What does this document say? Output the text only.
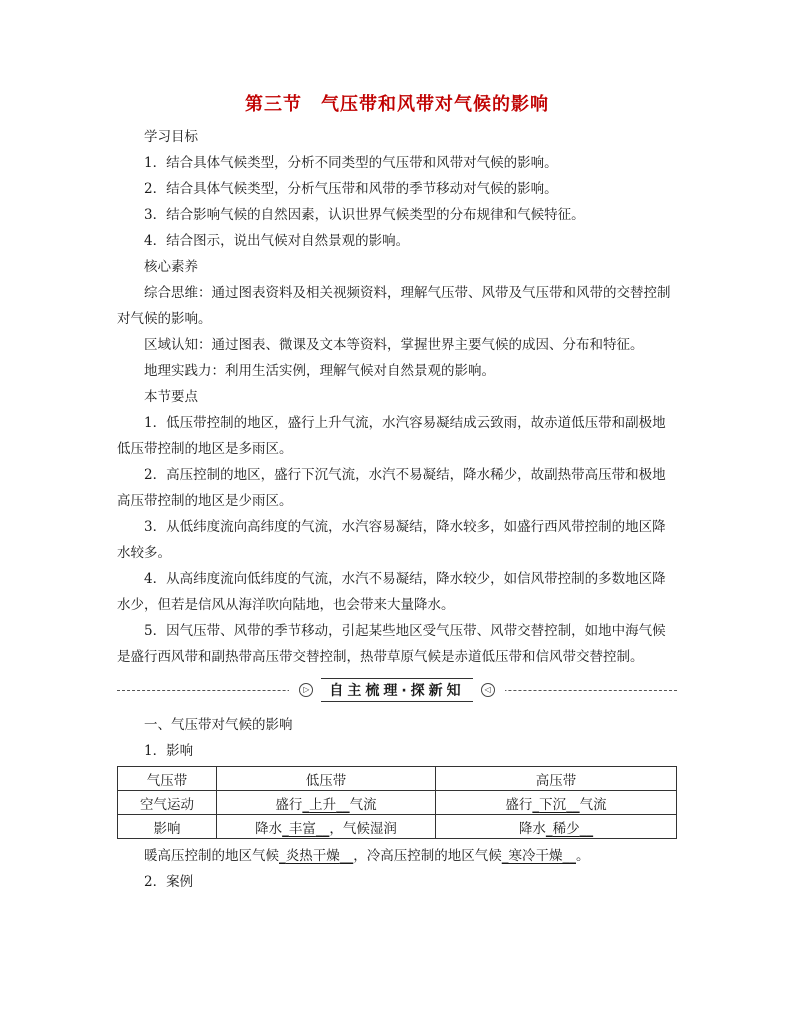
第三节　气压带和风带对气候的影响

学习目标

1．结合具体气候类型，分析不同类型的气压带和风带对气候的影响。

2．结合具体气候类型，分析气压带和风带的季节移动对气候的影响。

3．结合影响气候的自然因素，认识世界气候类型的分布规律和气候特征。

4．结合图示，说出气候对自然景观的影响。

核心素养

综合思维：通过图表资料及相关视频资料，理解气压带、风带及气压带和风带的交替控制对气候的影响。

区域认知：通过图表、微课及文本等资料，掌握世界主要气候的成因、分布和特征。

地理实践力：利用生活实例，理解气候对自然景观的影响。

本节要点

1．低压带控制的地区，盛行上升气流，水汽容易凝结成云致雨，故赤道低压带和副极地低压带控制的地区是多雨区。

2．高压控制的地区，盛行下沉气流，水汽不易凝结，降水稀少，故副热带高压带和极地高压带控制的地区是少雨区。

3．从低纬度流向高纬度的气流，水汽容易凝结，降水较多，如盛行西风带控制的地区降水较多。

4．从高纬度流向低纬度的气流，水汽不易凝结，降水较少，如信风带控制的多数地区降水少，但若是信风从海洋吹向陆地，也会带来大量降水。

5．因气压带、风带的季节移动，引起某些地区受气压带、风带交替控制，如地中海气候是盛行西风带和副热带高压带交替控制，热带草原气候是赤道低压带和信风带交替控制。

▷	自主梳理·探新知	◁

一、气压带对气候的影响

1．影响

气压带	低压带	高压带
空气运动	盛行_上升__气流	盛行_下沉__气流
影响	降水_丰富__，气候湿润	降水_稀少__

暖高压控制的地区气候_炎热干燥__，冷高压控制的地区气候_寒冷干燥__。

2．案例
